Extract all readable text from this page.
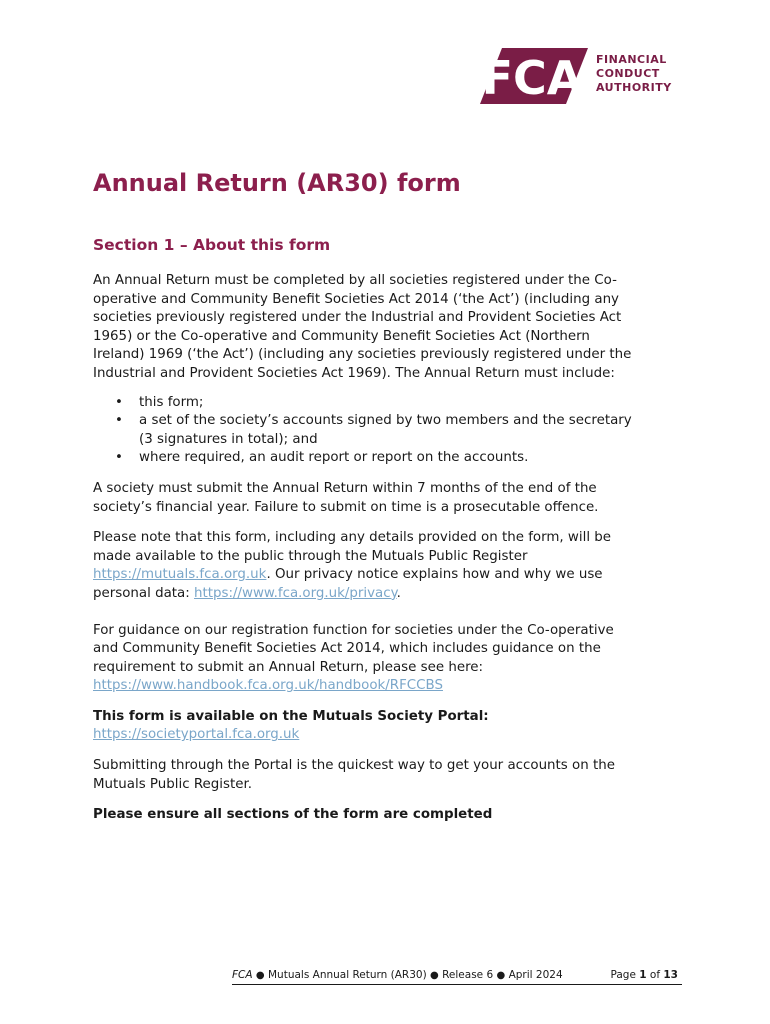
FCA FINANCIAL
CONDUCT
AUTHORITY
Annual Return (AR30) form
Section 1 – About this form

An Annual Return must be completed by all societies registered under the Co-

operative and Community Benefit Societies Act 2014 (‘the Act’) (including any

societies previously registered under the Industrial and Provident Societies Act

1965) or the Co-operative and Community Benefit Societies Act (Northern

Ireland) 1969 (‘the Act’) (including any societies previously registered under the

Industrial and Provident Societies Act 1969). The Annual Return must include:

• this form;
• a set of the society’s accounts signed by two members and the secretary
(3 signatures in total); and
• where required, an audit report or report on the accounts.

A society must submit the Annual Return within 7 months of the end of the

society’s financial year. Failure to submit on time is a prosecutable offence.

Please note that this form, including any details provided on the form, will be

made available to the public through the Mutuals Public Register

https://mutuals.fca.org.uk. Our privacy notice explains how and why we use

personal data: https://www.fca.org.uk/privacy.

For guidance on our registration function for societies under the Co-operative

and Community Benefit Societies Act 2014, which includes guidance on the

requirement to submit an Annual Return, please see here:

https://www.handbook.fca.org.uk/handbook/RFCCBS

This form is available on the Mutuals Society Portal:

https://societyportal.fca.org.uk

Submitting through the Portal is the quickest way to get your accounts on the

Mutuals Public Register.

Please ensure all sections of the form are completed

FCA ● Mutuals Annual Return (AR30) ● Release 6 ● April 2024	Page 1 of 13
